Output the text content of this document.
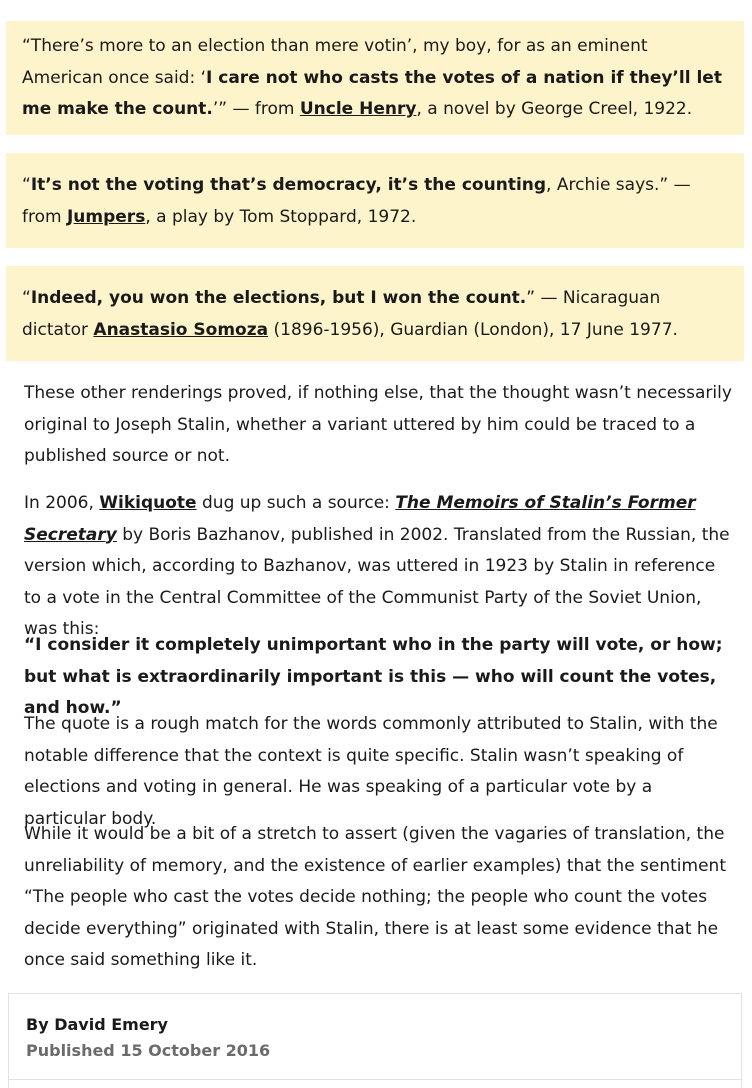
“There’s more to an election than mere votin’, my boy, for as an eminent American once said: ‘I care not who casts the votes of a nation if they’ll let me make the count.’” — from Uncle Henry, a novel by George Creel, 1922.

“It’s not the voting that’s democracy, it’s the counting, Archie says.” — from Jumpers, a play by Tom Stoppard, 1972.

“Indeed, you won the elections, but I won the count.” — Nicaraguan dictator Anastasio Somoza (1896-1956), Guardian (London), 17 June 1977.

These other renderings proved, if nothing else, that the thought wasn’t necessarily original to Joseph Stalin, whether a variant uttered by him could be traced to a published source or not.

In 2006, Wikiquote dug up such a source: The Memoirs of Stalin’s Former Secretary by Boris Bazhanov, published in 2002. Translated from the Russian, the version which, according to Bazhanov, was uttered in 1923 by Stalin in reference to a vote in the Central Committee of the Communist Party of the Soviet Union, was this:

“I consider it completely unimportant who in the party will vote, or how; but what is extraordinarily important is this — who will count the votes, and how.”

The quote is a rough match for the words commonly attributed to Stalin, with the notable difference that the context is quite specific. Stalin wasn’t speaking of elections and voting in general. He was speaking of a particular vote by a particular body.

While it would be a bit of a stretch to assert (given the vagaries of translation, the unreliability of memory, and the existence of earlier examples) that the sentiment “The people who cast the votes decide nothing; the people who count the votes decide everything” originated with Stalin, there is at least some evidence that he once said something like it.

By David Emery
Published 15 October 2016
